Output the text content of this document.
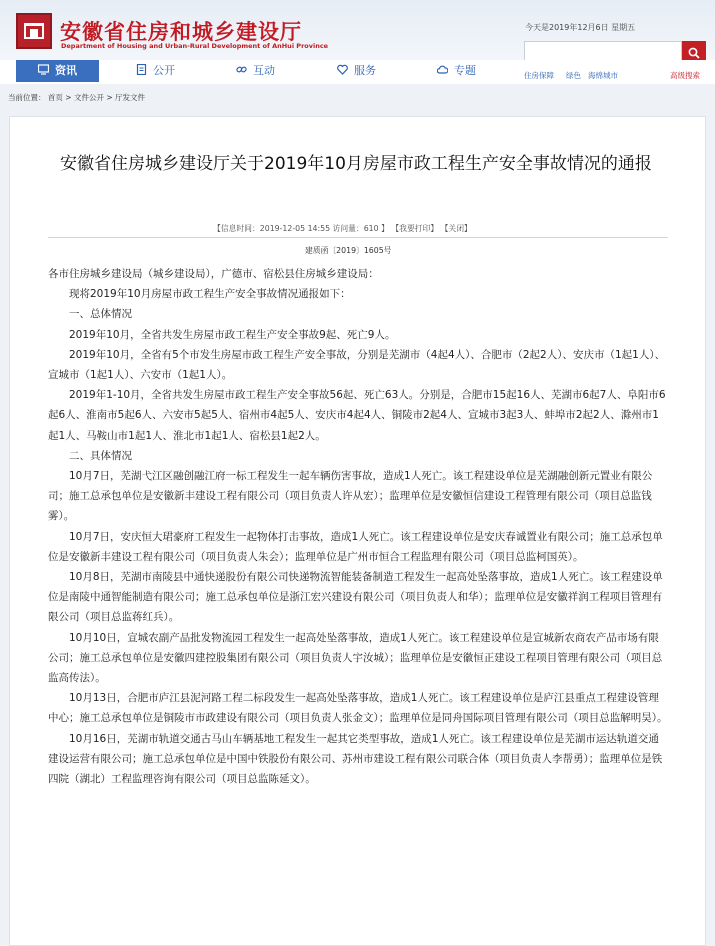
安徽省住房和城乡建设厅
Department of Housing and Urban-Rural Development of AnHui Province
今天是2019年12月6日 星期五
资讯	公开	互动	服务	专题	住房保障 绿色 海绵城市	高级搜索
当前位置： 首页 > 文件公开 > 厅发文件
安徽省住房城乡建设厅关于2019年10月房屋市政工程生产安全事故情况的通报
【信息时间：2019-12-05 14:55 访问量：610 】 【我要打印】 【关闭】
建质函〔2019〕1605号

各市住房城乡建设局（城乡建设局），广德市、宿松县住房城乡建设局：

现将2019年10月房屋市政工程生产安全事故情况通报如下：

一、总体情况

2019年10月，全省共发生房屋市政工程生产安全事故9起、死亡9人。

2019年10月，全省有5个市发生房屋市政工程生产安全事故，分别是芜湖市（4起4人）、合肥市（2起2人）、安庆市（1起1人）、宣城市（1起1人）、六安市（1起1人）。

2019年1-10月，全省共发生房屋市政工程生产安全事故56起、死亡63人。分别是，合肥市15起16人、芜湖市6起7人、阜阳市6起6人、淮南市5起6人、六安市5起5人、宿州市4起5人、安庆市4起4人、铜陵市2起4人、宣城市3起3人、蚌埠市2起2人、滁州市1起1人、马鞍山市1起1人、淮北市1起1人、宿松县1起2人。

二、具体情况

10月7日，芜湖弋江区融创融江府一标工程发生一起车辆伤害事故，造成1人死亡。该工程建设单位是芜湖融创新元置业有限公司；施工总承包单位是安徽新丰建设工程有限公司（项目负责人许从宏）；监理单位是安徽恒信建设工程管理有限公司（项目总监钱雾）。

10月7日，安庆恒大珺豪府工程发生一起物体打击事故，造成1人死亡。该工程建设单位是安庆春诚置业有限公司；施工总承包单位是安徽新丰建设工程有限公司（项目负责人朱会）；监理单位是广州市恒合工程监理有限公司（项目总监柯国英）。

10月8日，芜湖市南陵县中通快递股份有限公司快递物流智能装备制造工程发生一起高处坠落事故，造成1人死亡。该工程建设单位是南陵中通智能制造有限公司；施工总承包单位是浙江宏兴建设有限公司（项目负责人和华）；监理单位是安徽祥润工程项目管理有限公司（项目总监蒋红兵）。

10月10日，宣城农副产品批发物流园工程发生一起高处坠落事故，造成1人死亡。该工程建设单位是宣城新农商农产品市场有限公司；施工总承包单位是安徽四建控股集团有限公司（项目负责人宇汝城）；监理单位是安徽恒正建设工程项目管理有限公司（项目总监高传法）。

10月13日，合肥市庐江县泥河路工程二标段发生一起高处坠落事故，造成1人死亡。该工程建设单位是庐江县重点工程建设管理中心；施工总承包单位是铜陵市市政建设有限公司（项目负责人张金文）；监理单位是同舟国际项目管理有限公司（项目总监解明昊）。

10月16日，芜湖市轨道交通古马山车辆基地工程发生一起其它类型事故，造成1人死亡。该工程建设单位是芜湖市运达轨道交通建设运营有限公司；施工总承包单位是中国中铁股份有限公司、苏州市建设工程有限公司联合体（项目负责人李帮勇）；监理单位是铁四院（湖北）工程监理咨询有限公司（项目总监陈延文）。
